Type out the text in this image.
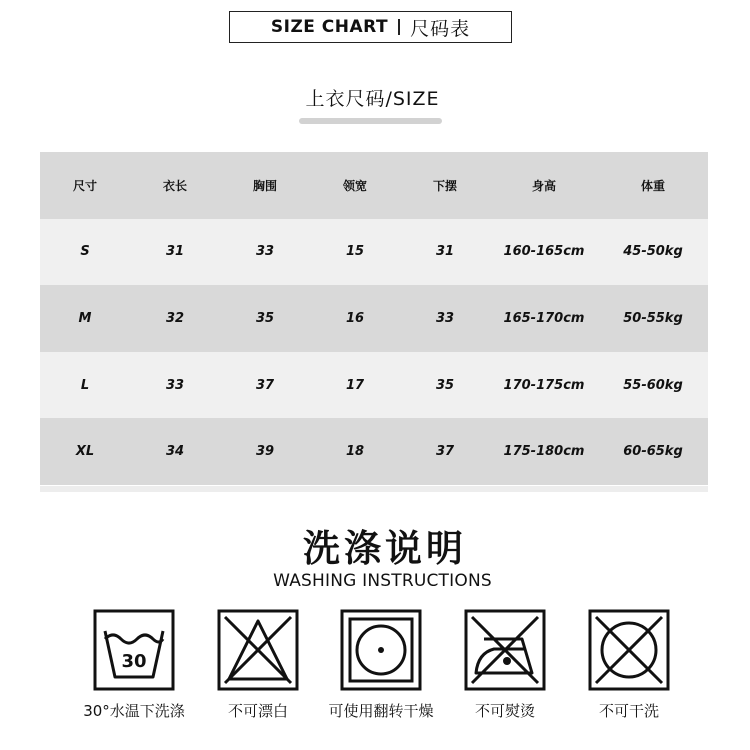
SIZE CHART 尺码表
上衣尺码/SIZE
尺寸	衣长	胸围	领宽	下摆	身高	体重
S	31	33	15	31	160-165cm	45-50kg
M	32	35	16	33	165-170cm	50-55kg
L	33	37	17	35	170-175cm	55-60kg
XL	34	39	18	37	175-180cm	60-65kg
洗涤说明
WASHING INSTRUCTIONS
30
30°水温下洗涤	不可漂白	可使用翻转干燥	不可熨烫	不可干洗
